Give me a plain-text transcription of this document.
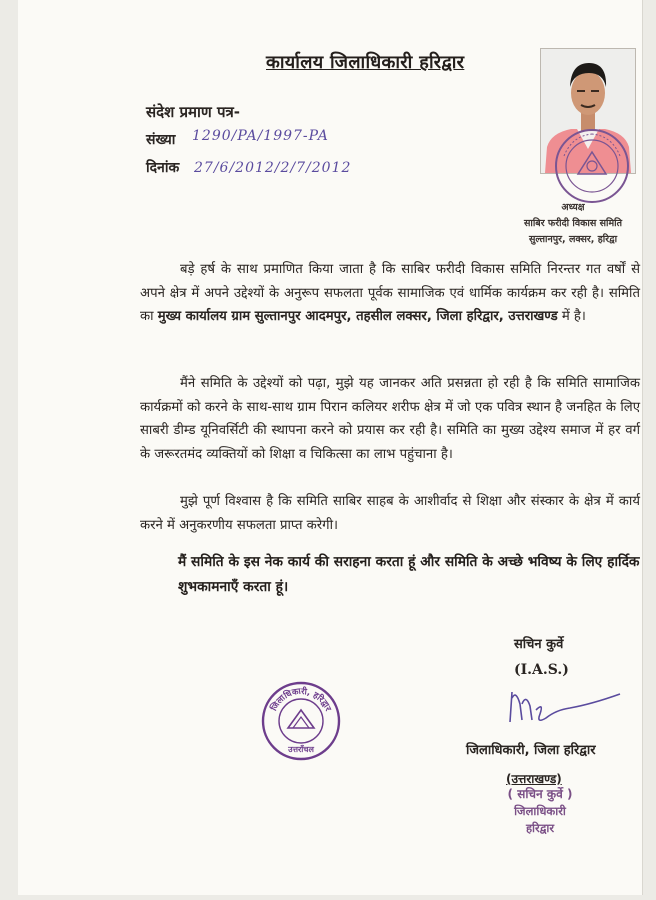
कार्यालय जिलाधिकारी हरिद्वार
संदेश प्रमाण पत्र-
संख्या 1290/PA/1997-PA
दिनांक 27/6/2012/2/7/2012
अध्यक्ष
साबिर फरीदी विकास समिति
सुल्तानपुर, लक्सर, हरिद्वा
बड़े हर्ष के साथ प्रमाणित किया जाता है कि साबिर फरीदी विकास समिति निरन्तर गत वर्षों से अपने क्षेत्र में अपने उद्देश्यों के अनुरूप सफलता पूर्वक सामाजिक एवं धार्मिक कार्यक्रम कर रही है। समिति का मुख्य कार्यालय ग्राम सुल्तानपुर आदमपुर, तहसील लक्सर, जिला हरिद्वार, उत्तराखण्ड में है।
मैंने समिति के उद्देश्यों को पढ़ा, मुझे यह जानकर अति प्रसन्नता हो रही है कि समिति सामाजिक कार्यक्रमों को करने के साथ-साथ ग्राम पिरान कलियर शरीफ क्षेत्र में जो एक पवित्र स्थान है जनहित के लिए साबरी डीम्ड यूनिवर्सिटी की स्थापना करने को प्रयास कर रही है। समिति का मुख्य उद्देश्य समाज में हर वर्ग के जरूरतमंद व्यक्तियों को शिक्षा व चिकित्सा का लाभ पहुंचाना है।
मुझे पूर्ण विश्वास है कि समिति साबिर साहब के आशीर्वाद से शिक्षा और संस्कार के क्षेत्र में कार्य करने में अनुकरणीय सफलता प्राप्त करेगी।
मैं समिति के इस नेक कार्य की सराहना करता हूं और समिति के अच्छे भविष्य के लिए हार्दिक शुभकामनाएँ करता हूं।
सचिन कुर्वे
(I.A.S.)
जिलाधिकारी, जिला हरिद्वार
(उत्तराखण्ड)
( सचिन कुर्वे )
जिलाधिकारी
हरिद्वार
जिलाधिकारी, हरिद्वार
उत्तराँचल
